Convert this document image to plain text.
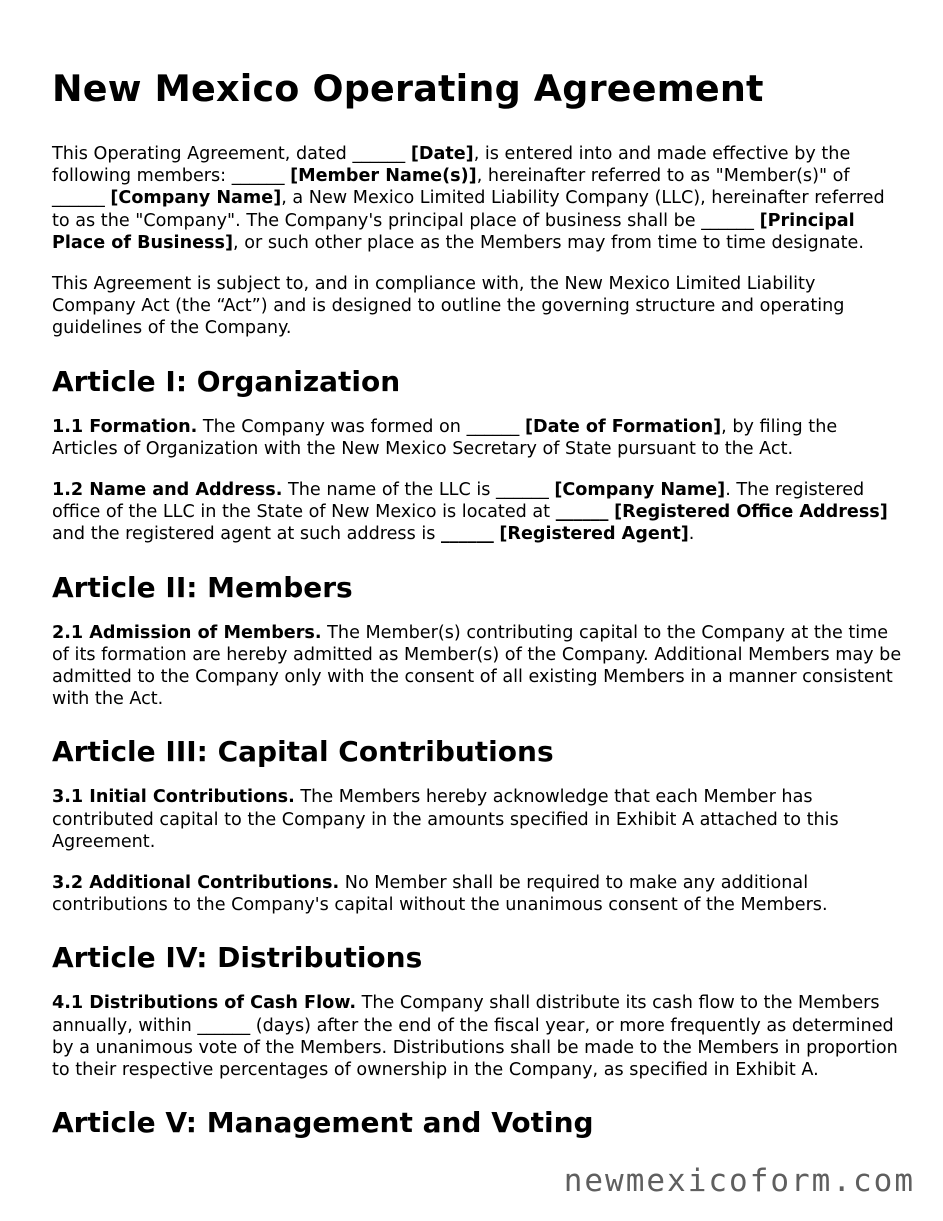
New Mexico Operating Agreement

This Operating Agreement, dated ______ [Date], is entered into and made effective by the following members: ______ [Member Name(s)], hereinafter referred to as "Member(s)" of ______ [Company Name], a New Mexico Limited Liability Company (LLC), hereinafter referred to as the "Company". The Company's principal place of business shall be ______ [Principal Place of Business], or such other place as the Members may from time to time designate.

This Agreement is subject to, and in compliance with, the New Mexico Limited Liability Company Act (the “Act”) and is designed to outline the governing structure and operating guidelines of the Company.

Article I: Organization

1.1 Formation. The Company was formed on ______ [Date of Formation], by filing the Articles of Organization with the New Mexico Secretary of State pursuant to the Act.

1.2 Name and Address. The name of the LLC is ______ [Company Name]. The registered office of the LLC in the State of New Mexico is located at ______ [Registered Office Address] and the registered agent at such address is ______ [Registered Agent].

Article II: Members

2.1 Admission of Members. The Member(s) contributing capital to the Company at the time of its formation are hereby admitted as Member(s) of the Company. Additional Members may be admitted to the Company only with the consent of all existing Members in a manner consistent with the Act.

Article III: Capital Contributions

3.1 Initial Contributions. The Members hereby acknowledge that each Member has contributed capital to the Company in the amounts specified in Exhibit A attached to this Agreement.

3.2 Additional Contributions. No Member shall be required to make any additional contributions to the Company's capital without the unanimous consent of the Members.

Article IV: Distributions

4.1 Distributions of Cash Flow. The Company shall distribute its cash flow to the Members annually, within ______ (days) after the end of the fiscal year, or more frequently as determined by a unanimous vote of the Members. Distributions shall be made to the Members in proportion to their respective percentages of ownership in the Company, as specified in Exhibit A.

Article V: Management and Voting
newmexicoform.com
